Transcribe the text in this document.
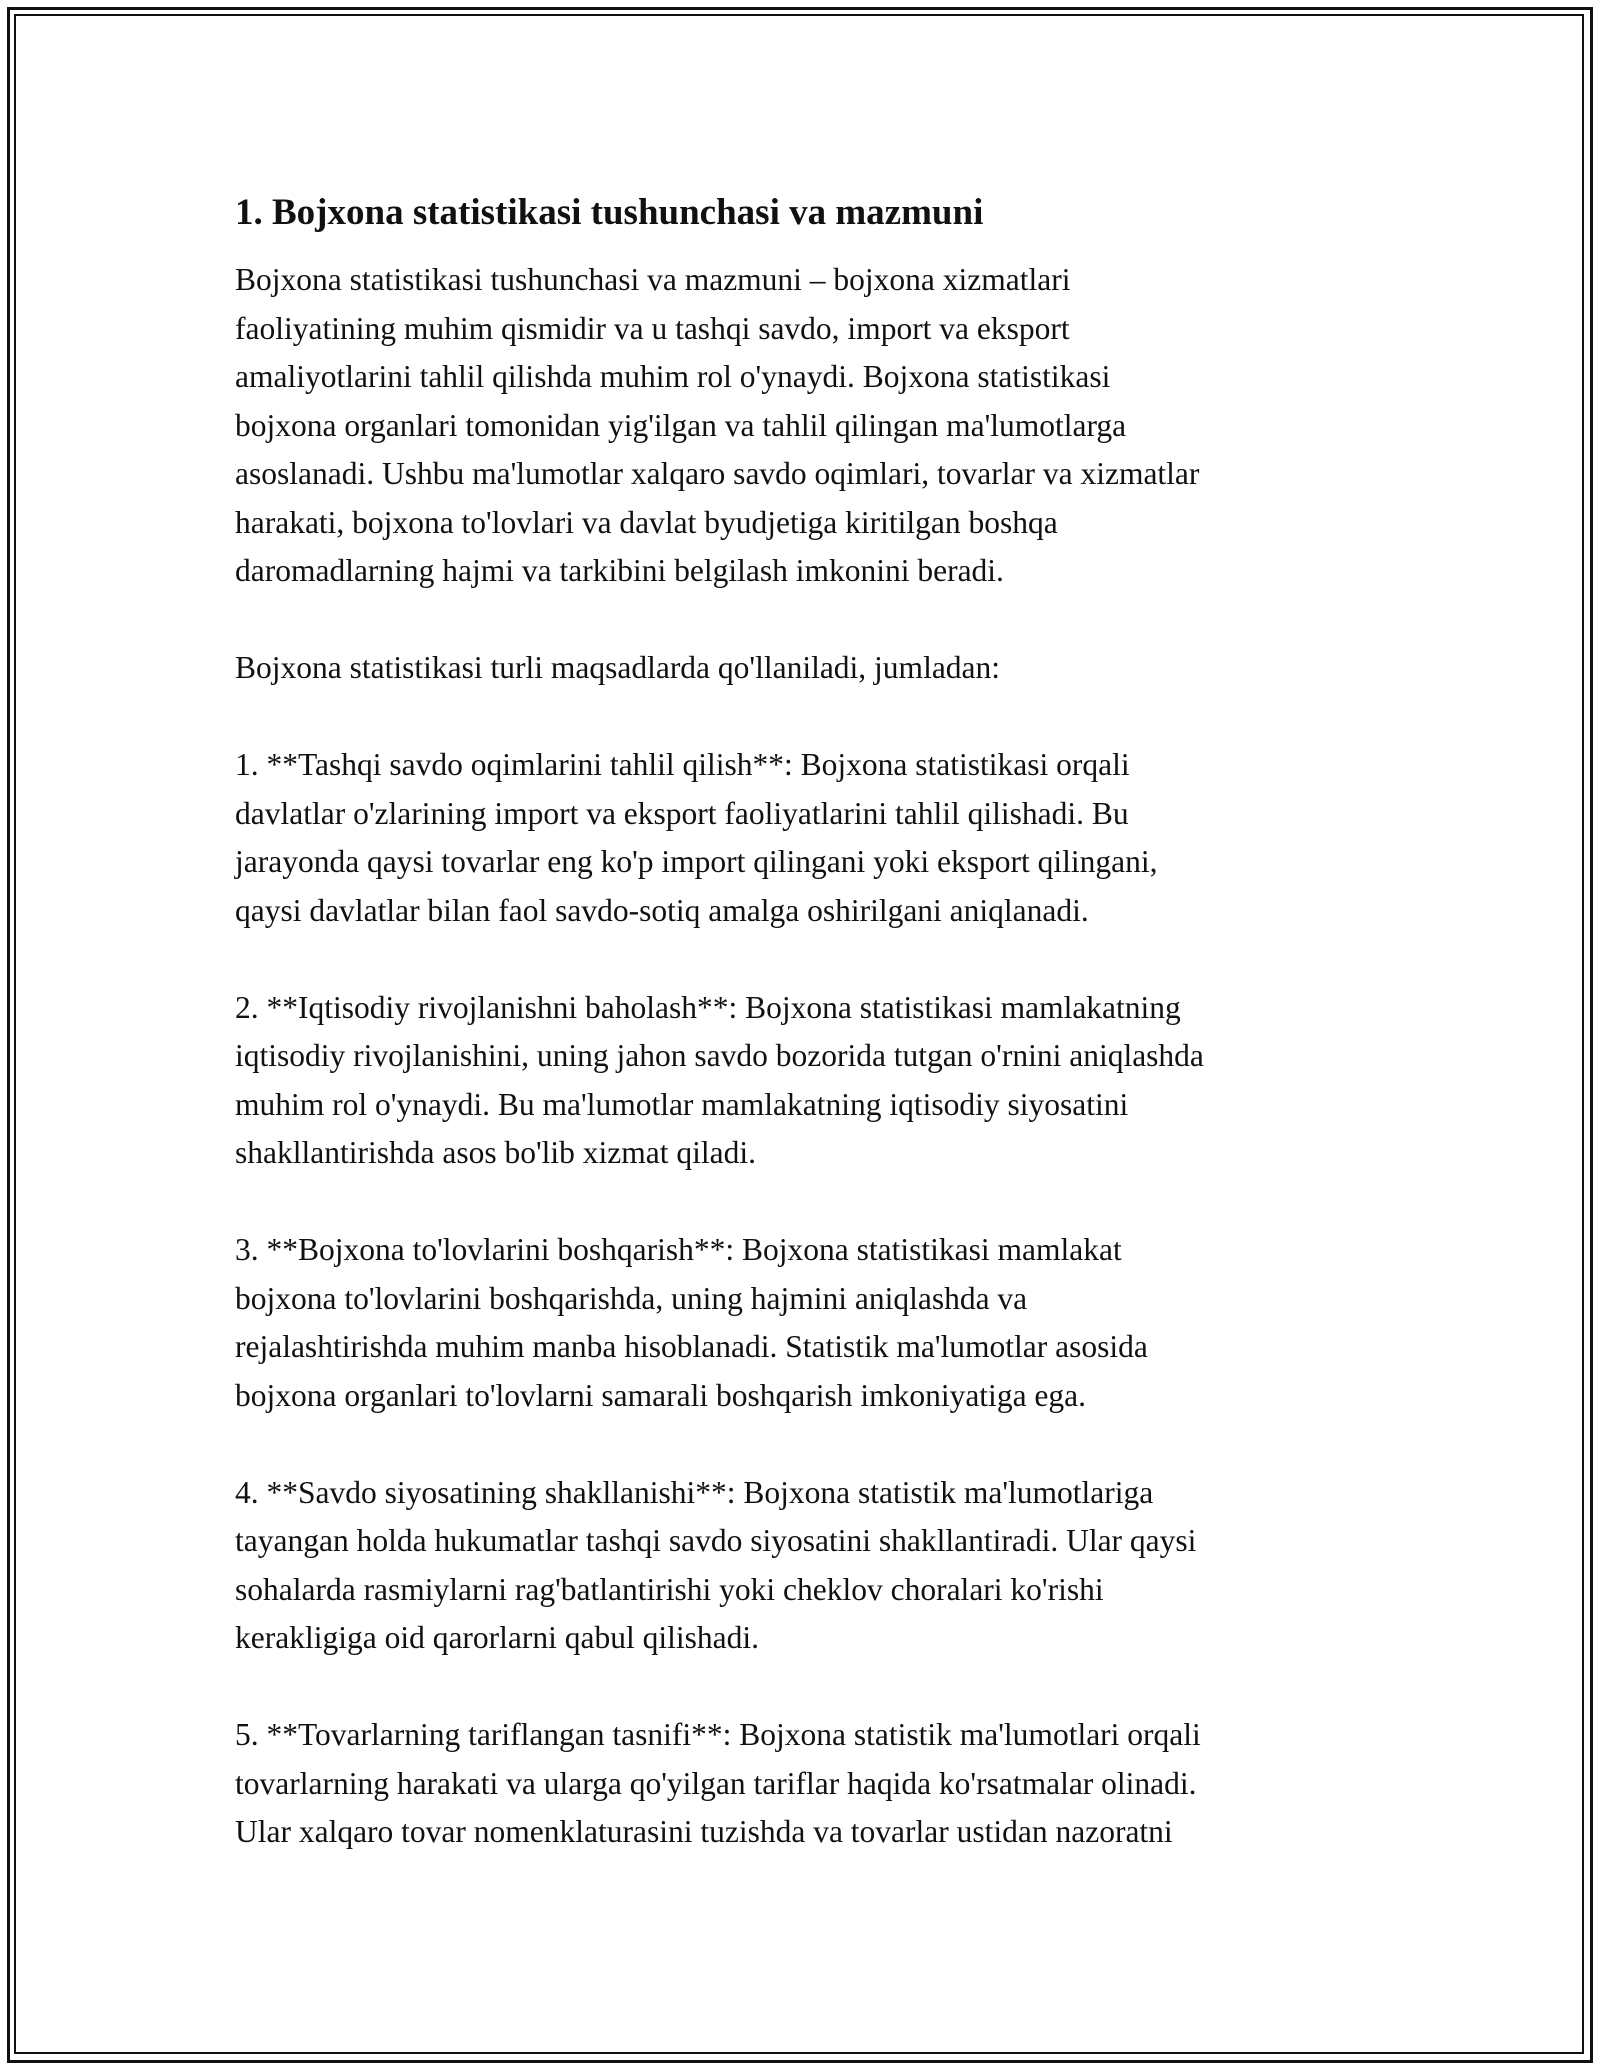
1. Bojxona statistikasi tushunchasi va mazmuni

Bojxona statistikasi tushunchasi va mazmuni – bojxona xizmatlari
faoliyatining muhim qismidir va u tashqi savdo, import va eksport
amaliyotlarini tahlil qilishda muhim rol o'ynaydi. Bojxona statistikasi
bojxona organlari tomonidan yig'ilgan va tahlil qilingan ma'lumotlarga
asoslanadi. Ushbu ma'lumotlar xalqaro savdo oqimlari, tovarlar va xizmatlar
harakati, bojxona to'lovlari va davlat byudjetiga kiritilgan boshqa
daromadlarning hajmi va tarkibini belgilash imkonini beradi.

Bojxona statistikasi turli maqsadlarda qo'llaniladi, jumladan:

1. **Tashqi savdo oqimlarini tahlil qilish**: Bojxona statistikasi orqali
davlatlar o'zlarining import va eksport faoliyatlarini tahlil qilishadi. Bu
jarayonda qaysi tovarlar eng ko'p import qilingani yoki eksport qilingani,
qaysi davlatlar bilan faol savdo-sotiq amalga oshirilgani aniqlanadi.

2. **Iqtisodiy rivojlanishni baholash**: Bojxona statistikasi mamlakatning
iqtisodiy rivojlanishini, uning jahon savdo bozorida tutgan o'rnini aniqlashda
muhim rol o'ynaydi. Bu ma'lumotlar mamlakatning iqtisodiy siyosatini
shakllantirishda asos bo'lib xizmat qiladi.

3. **Bojxona to'lovlarini boshqarish**: Bojxona statistikasi mamlakat
bojxona to'lovlarini boshqarishda, uning hajmini aniqlashda va
rejalashtirishda muhim manba hisoblanadi. Statistik ma'lumotlar asosida
bojxona organlari to'lovlarni samarali boshqarish imkoniyatiga ega.

4. **Savdo siyosatining shakllanishi**: Bojxona statistik ma'lumotlariga
tayangan holda hukumatlar tashqi savdo siyosatini shakllantiradi. Ular qaysi
sohalarda rasmiylarni rag'batlantirishi yoki cheklov choralari ko'rishi
kerakligiga oid qarorlarni qabul qilishadi.

5. **Tovarlarning tariflangan tasnifi**: Bojxona statistik ma'lumotlari orqali
tovarlarning harakati va ularga qo'yilgan tariflar haqida ko'rsatmalar olinadi.
Ular xalqaro tovar nomenklaturasini tuzishda va tovarlar ustidan nazoratni
